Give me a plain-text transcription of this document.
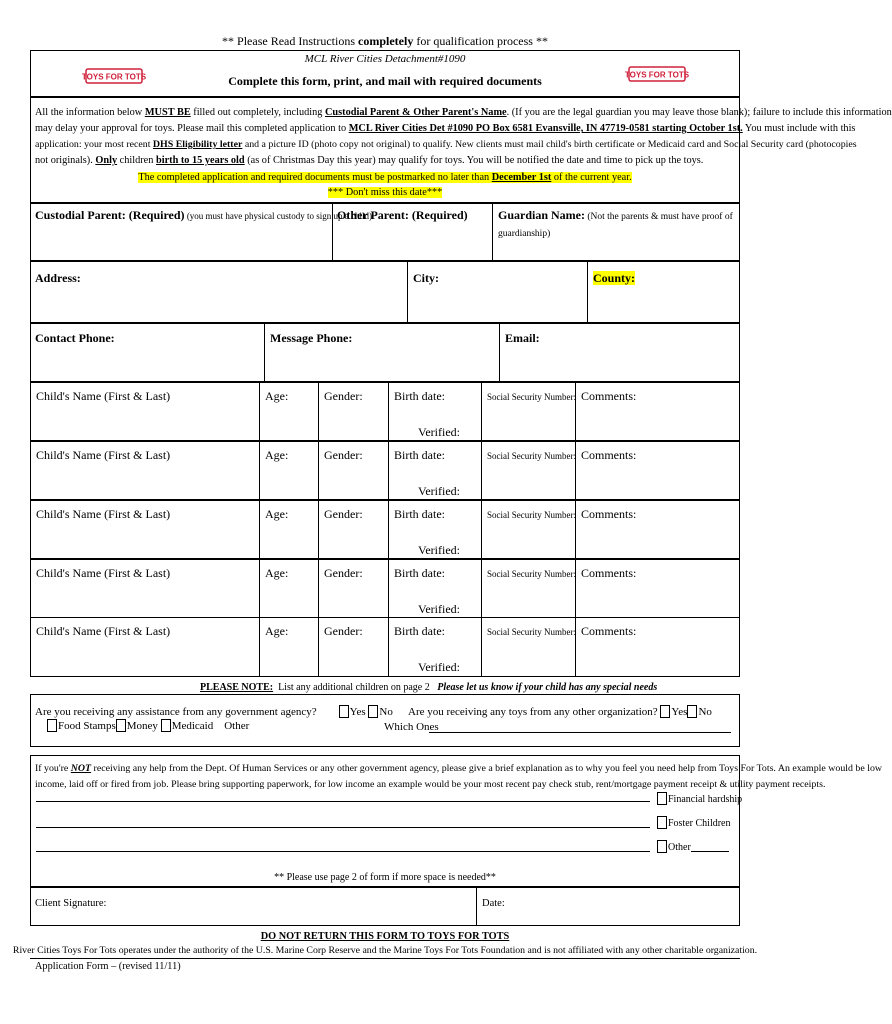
** Please Read Instructions completely for qualification process **
MCL River Cities Detachment#1090
Complete this form, print, and mail with required documents
TOYS FOR TOTS	TOYS FOR TOTS
All the information below MUST BE filled out completely, including Custodial Parent & Other Parent's Name. (If you are the legal guardian you may leave those blank); failure to include this information
may delay your approval for toys. Please mail this completed application to MCL River Cities Det #1090 PO Box 6581 Evansville, IN 47719-0581 starting October 1st. You must include with this
application: your most recent DHS Eligibility letter and a picture ID (photo copy not original) to qualify. New clients must mail child's birth certificate or Medicaid card and Social Security card (photocopies
not originals). Only children birth to 15 years old (as of Christmas Day this year) may qualify for toys. You will be notified the date and time to pick up the toys.
The completed application and required documents must be postmarked no later than December 1st of the current year.
*** Don't miss this date***
Custodial Parent: (Required) (you must have physical custody to sign up a child)
Other Parent: (Required)	Guardian Name: (Not the parents & must have proof of
guardianship)
Address:	City:	County:
Contact Phone:	Message Phone:	Email:
Child's Name (First & Last)	Age:	Gender:	Birth date:	Social Security Number: Comments:
Verified:
Child's Name (First & Last)	Age:	Gender:	Birth date:	Social Security Number: Comments:
Verified:
Child's Name (First & Last)	Age:	Gender:	Birth date:	Social Security Number: Comments:
Verified:
Child's Name (First & Last)	Age:	Gender:	Birth date:	Social Security Number: Comments:
Verified:
Child's Name (First & Last)	Age:	Gender:	Birth date:	Social Security Number: Comments:
Verified:
PLEASE NOTE: List any additional children on page 2 Please let us know if your child has any special needs
Are you receiving any assistance from any government agency?	Yes No
Food Stamps Money Medicaid Other
Are you receiving any toys from any other organization? Yes No
Which Ones
If you're NOT receiving any help from the Dept. Of Human Services or any other government agency, please give a brief explanation as to why you feel you need help from Toys For Tots. An example would be low
income, laid off or fired from job. Please bring supporting paperwork, for low income an example would be your most recent pay check stub, rent/mortgage payment receipt & utility payment receipts.
Financial hardship
Foster Children
Other
** Please use page 2 of form if more space is needed**
Client Signature:	Date:
DO NOT RETURN THIS FORM TO TOYS FOR TOTS
River Cities Toys For Tots operates under the authority of the U.S. Marine Corp Reserve and the Marine Toys For Tots Foundation and is not affiliated with any other charitable organization.
Application Form – (revised 11/11)
